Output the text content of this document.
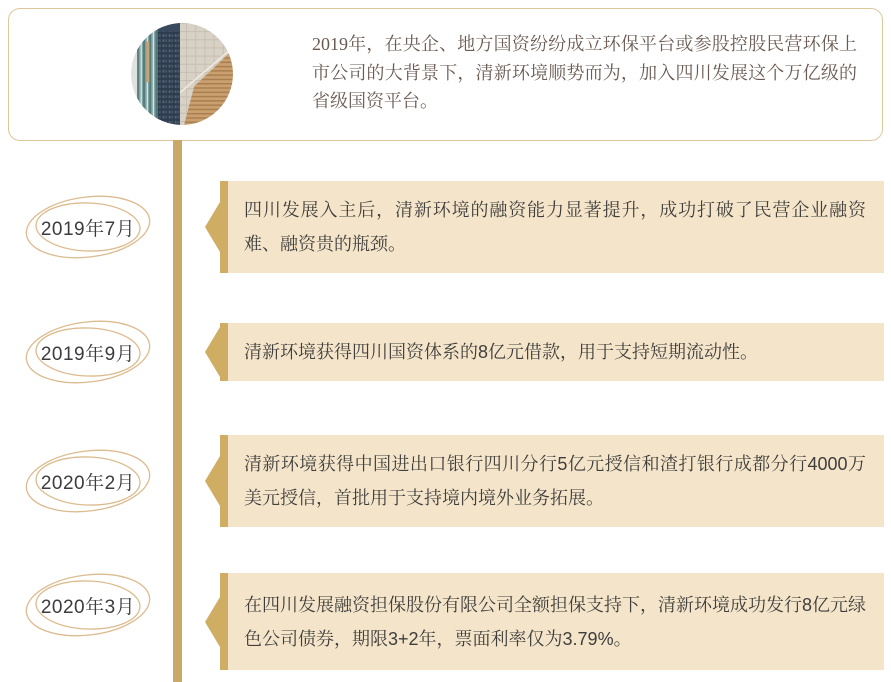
2019年，在央企、地方国资纷纷成立环保平台或参股控股民营环保上市公司的大背景下，清新环境顺势而为，加入四川发展这个万亿级的省级国资平台。

2019年7月

四川发展入主后，清新环境的融资能力显著提升，成功打破了民营企业融资难、融资贵的瓶颈。

2019年9月	清新环境获得四川国资体系的8亿元借款，用于支持短期流动性。

2020年2月

清新环境获得中国进出口银行四川分行5亿元授信和渣打银行成都分行4000万美元授信，首批用于支持境内境外业务拓展。

2020年3月	在四川发展融资担保股份有限公司全额担保支持下，清新环境成功发行8亿元绿色公司债券，期限3+2年，票面利率仅为3.79%。
